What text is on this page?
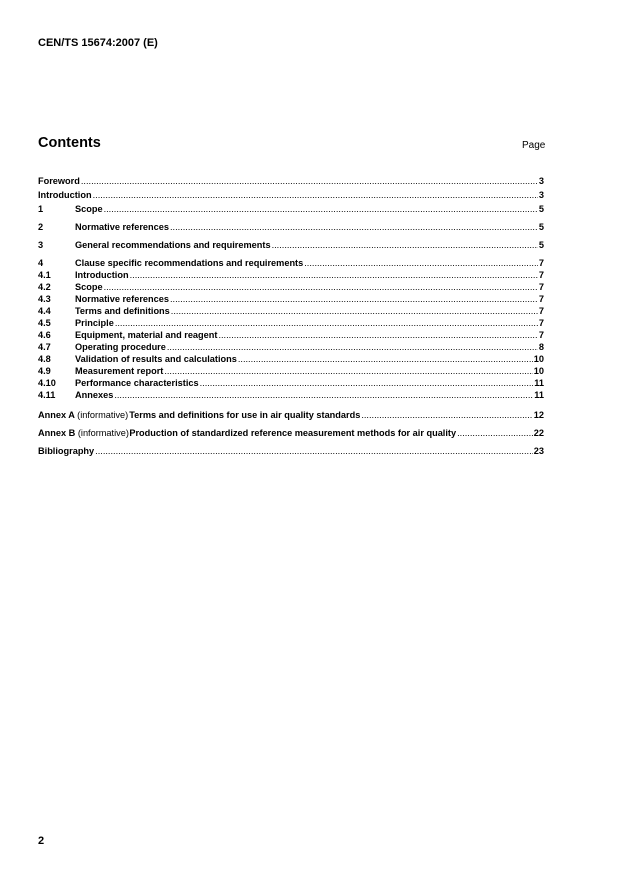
CEN/TS 15674:2007 (E)
Contents	Page
Foreword .....	3
Introduction .....	3
1	Scope .....	5
2	Normative references .....	5
3	General recommendations and requirements .....	5
4	Clause specific recommendations and requirements .....	7
4.1	Introduction .....	7
4.2	Scope .....	7
4.3	Normative references .....	7
4.4	Terms and definitions .....	7
4.5	Principle .....	7
4.6	Equipment, material and reagent .....	7
4.7	Operating procedure .....	8
4.8	Validation of results and calculations .....	10
4.9	Measurement report .....	10
4.10	Performance characteristics .....	11
4.11	Annexes .....	11
Annex A (informative) Terms and definitions for use in air quality standards .....	12
Annex B (informative) Production of standardized reference measurement methods for air quality .....	22
Bibliography .....	23
2
